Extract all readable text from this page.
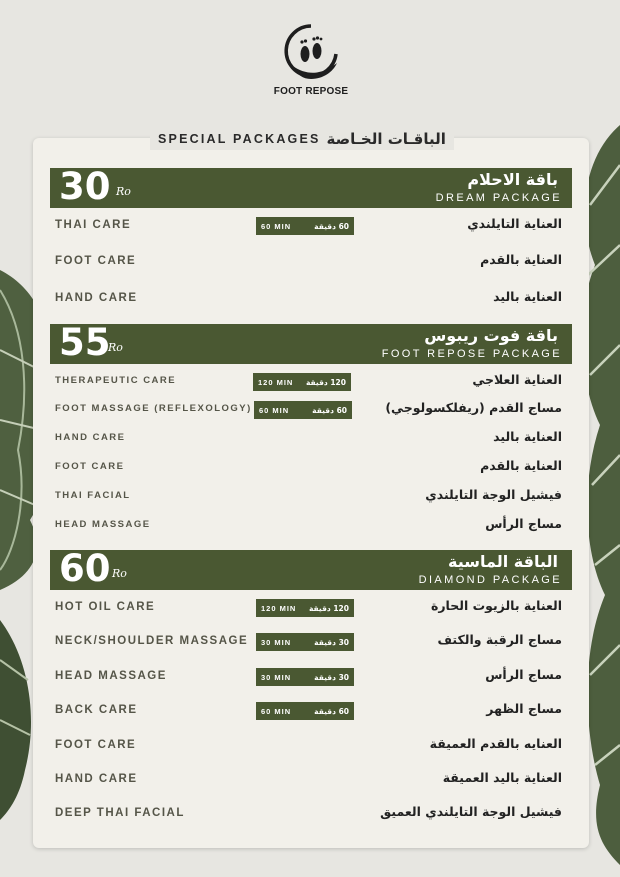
FOOT REPOSE
SPECIAL PACKAGES الباقـات الخـاصة
30 Ro
باقة الاحلام
DREAM PACKAGE
THAI CARE	60 MIN	60 دقيقة	العناية التايلندي
FOOT CARE	العناية بالقدم
HAND CARE	العناية باليد
55
Ro
باقة فوت ريبوس
FOOT REPOSE PACKAGE
THERAPEUTIC CARE	120 MIN 120 دقيقة	العناية العلاجي
FOOT MASSAGE (REFLEXOLOGY) 60 MIN	60 دقيقة	مساج القدم (ريفلكسولوجي)
HAND CARE	العناية باليد
FOOT CARE	العناية بالقدم
THAI FACIAL	فيشيل الوجة التايلندي
HEAD MASSAGE	مساج الرأس
60 Ro
الباقة الماسية
DIAMOND PACKAGE
HOT OIL CARE	120 MIN 120 دقيقة	العناية بالزيوت الحارة
NECK/SHOULDER MASSAGE 30 MIN	30 دقيقة	مساج الرقبة والكتف
HEAD MASSAGE	30 MIN	30 دقيقة	مساج الرأس
BACK CARE	60 MIN	60 دقيقة	مساج الظهر
FOOT CARE	العنايه بالقدم العميقة
HAND CARE	العناية باليد العميقة
DEEP THAI FACIAL	فيشيل الوجة التايلندي العميق
